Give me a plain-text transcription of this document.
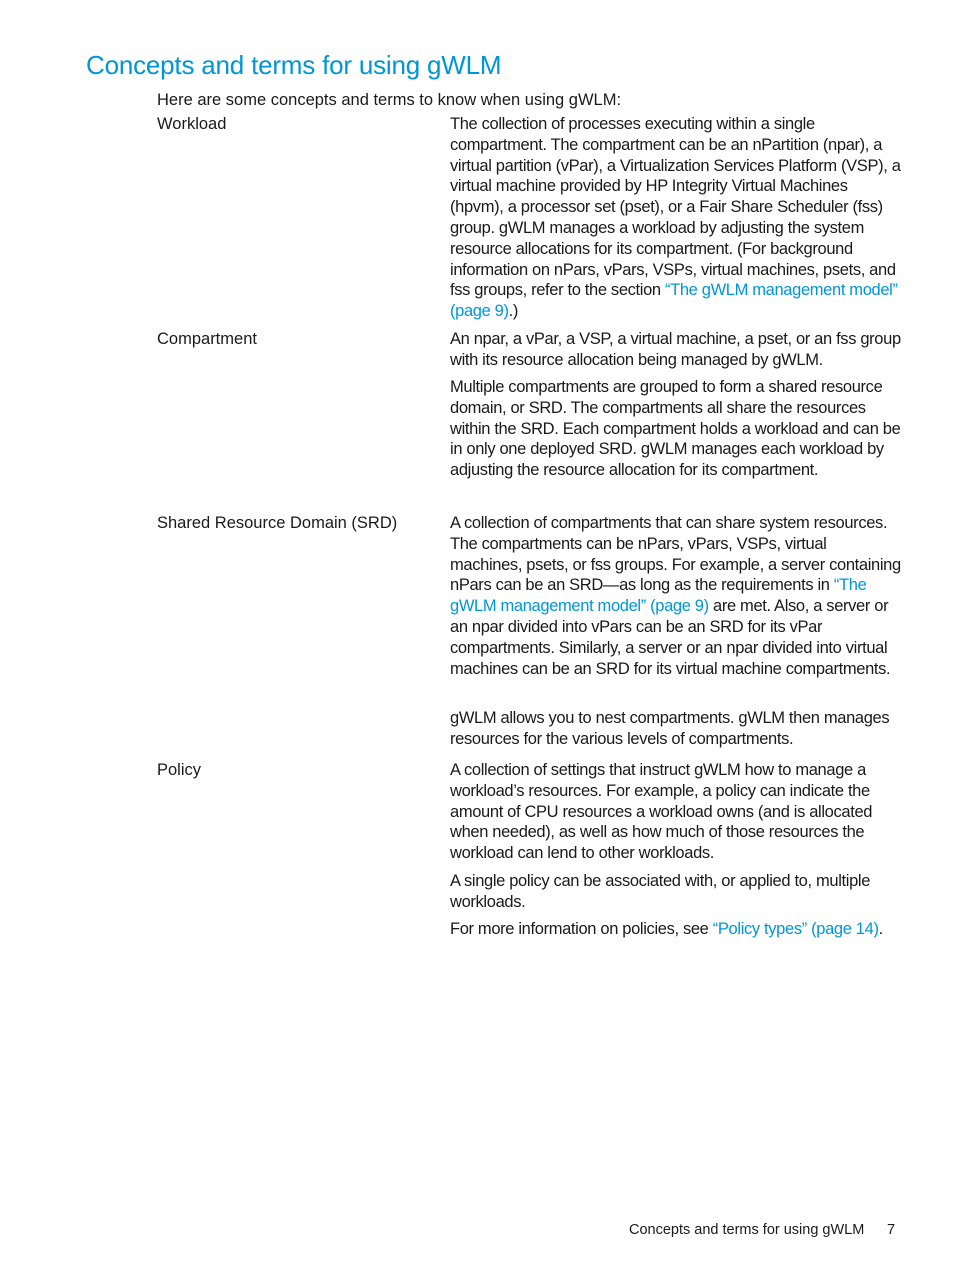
Concepts and terms for using gWLM

Here are some concepts and terms to know when using gWLM:

Workload	The collection of processes executing within a single compartment. The compartment can be an nPartition (npar), a virtual partition (vPar), a Virtualization Services Platform (VSP), a virtual machine provided by HP Integrity Virtual Machines (hpvm), a processor set (pset), or a Fair Share Scheduler (fss) group. gWLM manages a workload by adjusting the system resource allocations for its compartment. (For background information on nPars, vPars, VSPs, virtual machines, psets, and fss groups, refer to the section “The gWLM management model” (page 9).)

Compartment	An npar, a vPar, a VSP, a virtual machine, a pset, or an fss group with its resource allocation being managed by gWLM.

Multiple compartments are grouped to form a shared resource domain, or SRD. The compartments all share the resources within the SRD. Each compartment holds a workload and can be in only one deployed SRD. gWLM manages each workload by adjusting the resource allocation for its compartment.

Shared Resource Domain (SRD)	A collection of compartments that can share system resources. The compartments can be nPars, vPars, VSPs, virtual machines, psets, or fss groups. For example, a server containing nPars can be an SRD—as long as the requirements in “The gWLM management model” (page 9) are met. Also, a server or an npar divided into vPars can be an SRD for its vPar compartments. Similarly, a server or an npar divided into virtual machines can be an SRD for its virtual machine compartments.

gWLM allows you to nest compartments. gWLM then manages resources for the various levels of compartments.

Policy	A collection of settings that instruct gWLM how to manage a workload’s resources. For example, a policy can indicate the amount of CPU resources a workload owns (and is allocated when needed), as well as how much of those resources the workload can lend to other workloads.

A single policy can be associated with, or applied to, multiple workloads.

For more information on policies, see “Policy types” (page 14).

Concepts and terms for using gWLM 7
